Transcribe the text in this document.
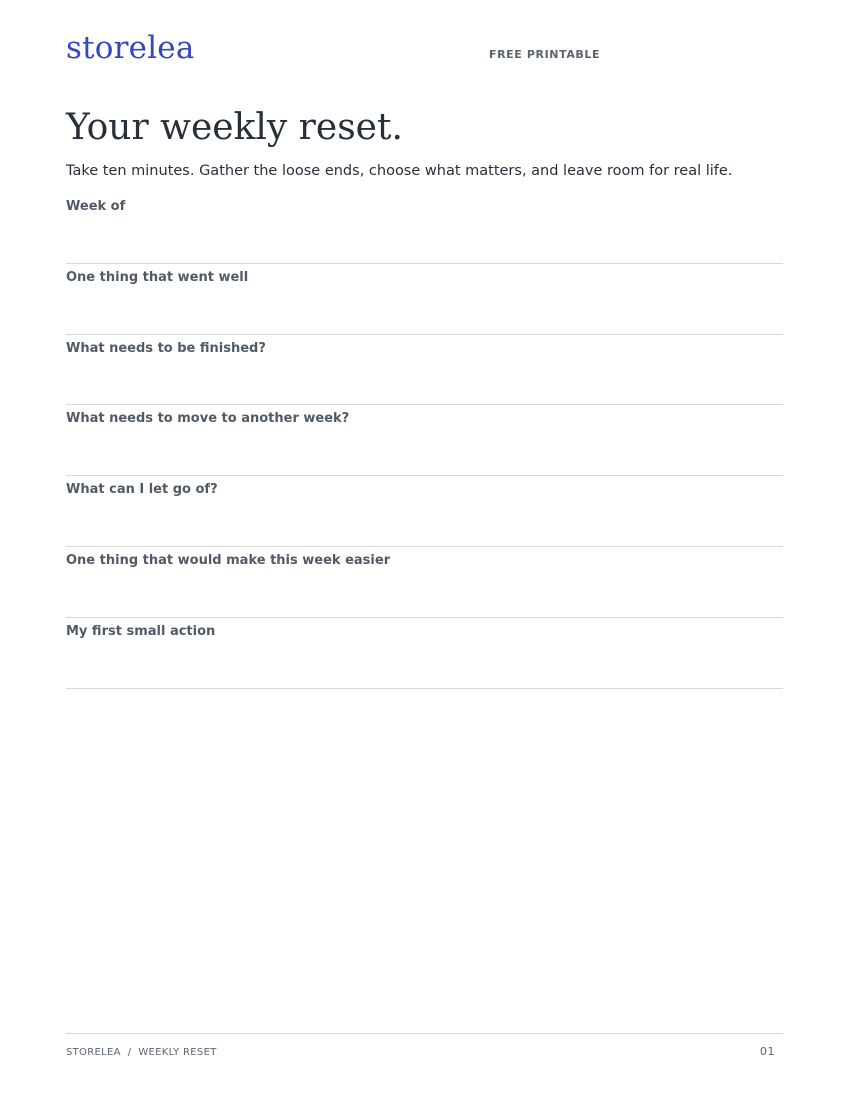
storelea	FREE PRINTABLE
Your weekly reset.

Take ten minutes. Gather the loose ends, choose what matters, and leave room for real life.

Week of
One thing that went well
What needs to be finished?
What needs to move to another week?
What can I let go of?
One thing that would make this week easier
My first small action
STORELEA / WEEKLY RESET	01
